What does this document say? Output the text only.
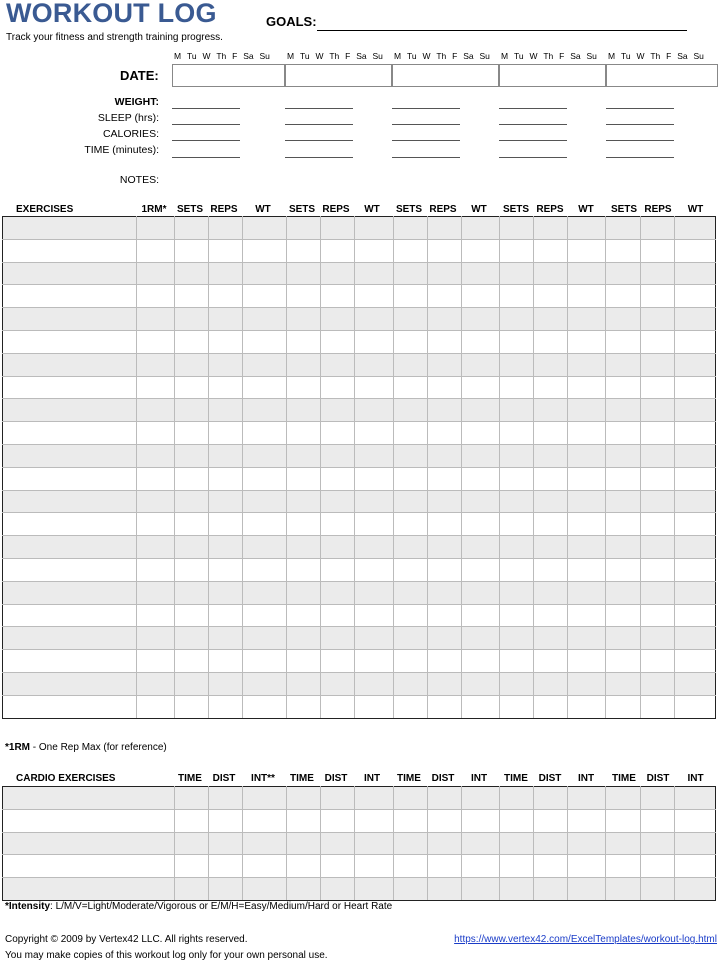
WORKOUT LOG
Track your fitness and strength training progress.
GOALS:
M Tu W Th F Sa Su M Tu W Th F Sa Su M Tu W Th F Sa Su M Tu W Th F Sa Su M Tu W Th F Sa Su
DATE:
WEIGHT:
SLEEP (hrs):
CALORIES:
TIME (minutes):
NOTES:
EXERCISES	1RM*	SETS REPS	WT	SETS REPS	WT	SETS REPS	WT	SETS REPS	WT	SETS REPS	WT

*1RM - One Rep Max (for reference)
CARDIO EXERCISES	TIME	DIST	INT**	TIME	DIST	INT	TIME	DIST	INT	TIME	DIST	INT	TIME	DIST	INT

*Intensity: L/M/V=Light/Moderate/Vigorous or E/M/H=Easy/Medium/Hard or Heart Rate
Copyright © 2009 by Vertex42 LLC. All rights reserved.	https://www.vertex42.com/ExcelTemplates/workout-log.html
You may make copies of this workout log only for your own personal use.
